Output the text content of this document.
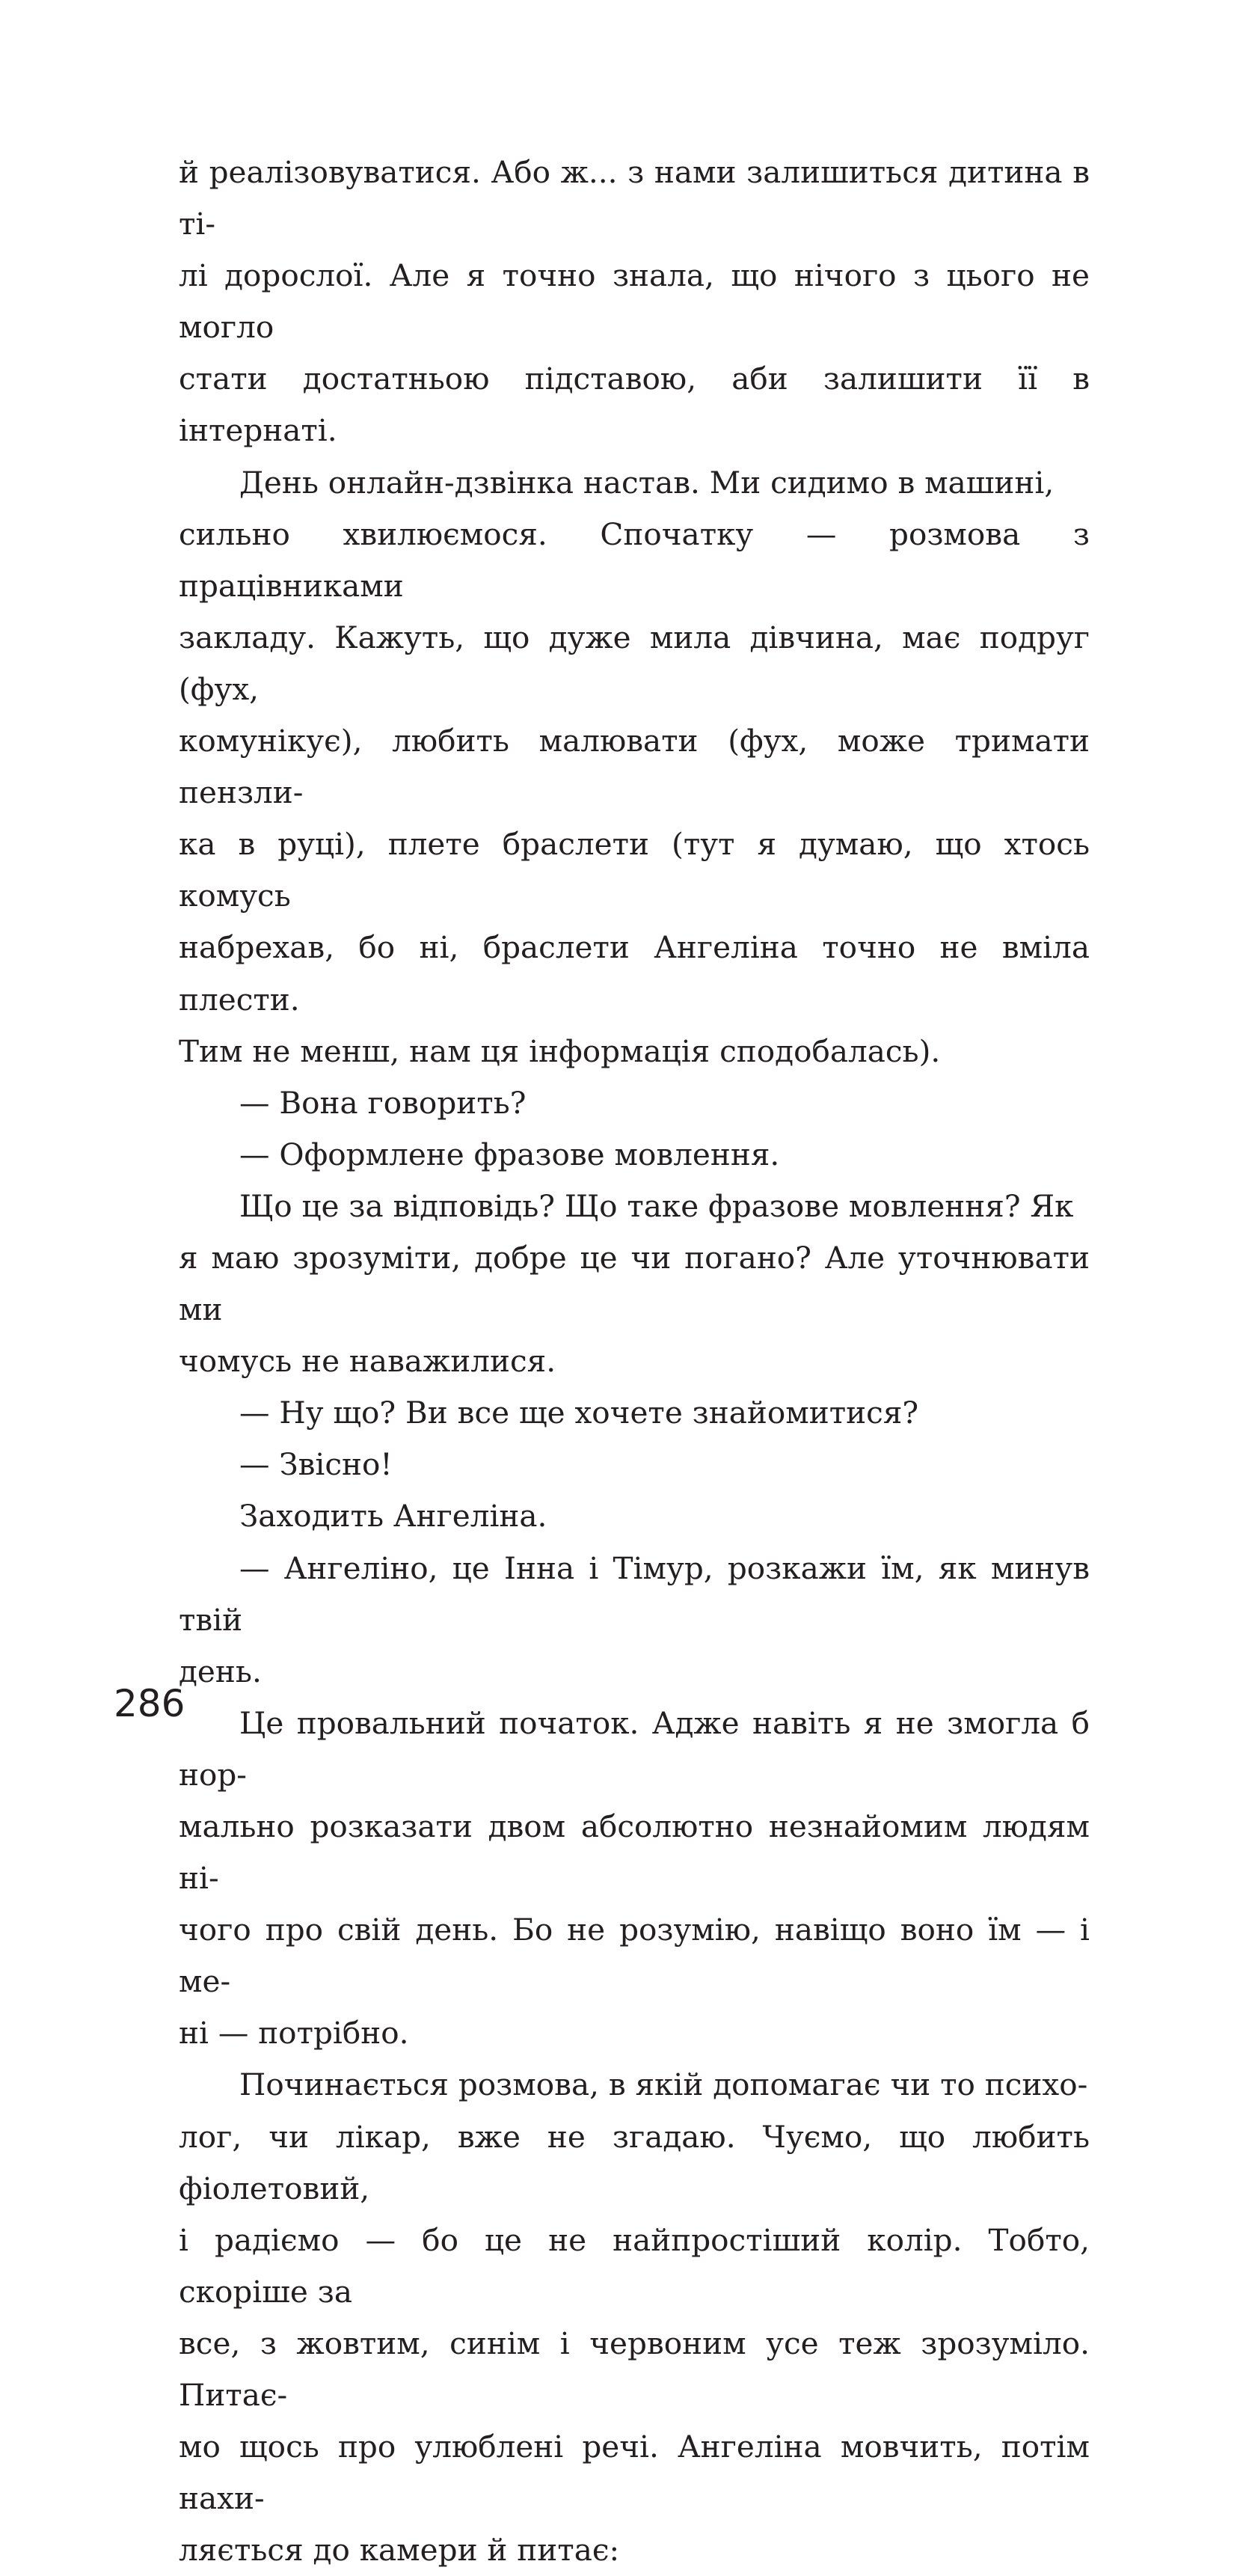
й реалізовуватися. Або ж... з нами залишиться дитина в ті-
лі дорослої. Але я точно знала, що нічого з цього не могло
стати достатньою підставою, аби залишити її в інтернаті.

День онлайн-дзвінка настав. Ми сидимо в машині,
сильно хвилюємося. Спочатку — розмова з працівниками
закладу. Кажуть, що дуже мила дівчина, має подруг (фух,
комунікує), любить малювати (фух, може тримати пензли-
ка в руці), плете браслети (тут я думаю, що хтось комусь
набрехав, бо ні, браслети Ангеліна точно не вміла плести.
Тим не менш, нам ця інформація сподобалась).

— Вона говорить?

— Оформлене фразове мовлення.

Що це за відповідь? Що таке фразове мовлення? Як
я маю зрозуміти, добре це чи погано? Але уточнювати ми
чомусь не наважилися.

— Ну що? Ви все ще хочете знайомитися?

— Звісно!

Заходить Ангеліна.

— Ангеліно, це Інна і Тімур, розкажи їм, як минув твій
день.

Це провальний початок. Адже навіть я не змогла б нор-
мально розказати двом абсолютно незнайомим людям ні-
чого про свій день. Бо не розумію, навіщо воно їм — і ме-
ні — потрібно.

Починається розмова, в якій допомагає чи то психо-
лог, чи лікар, вже не згадаю. Чуємо, що любить фіолетовий,
і радіємо — бо це не найпростіший колір. Тобто, скоріше за
все, з жовтим, синім і червоним усе теж зрозуміло. Питає-
мо щось про улюблені речі. Ангеліна мовчить, потім нахи-
ляється до камери й питає:

286
